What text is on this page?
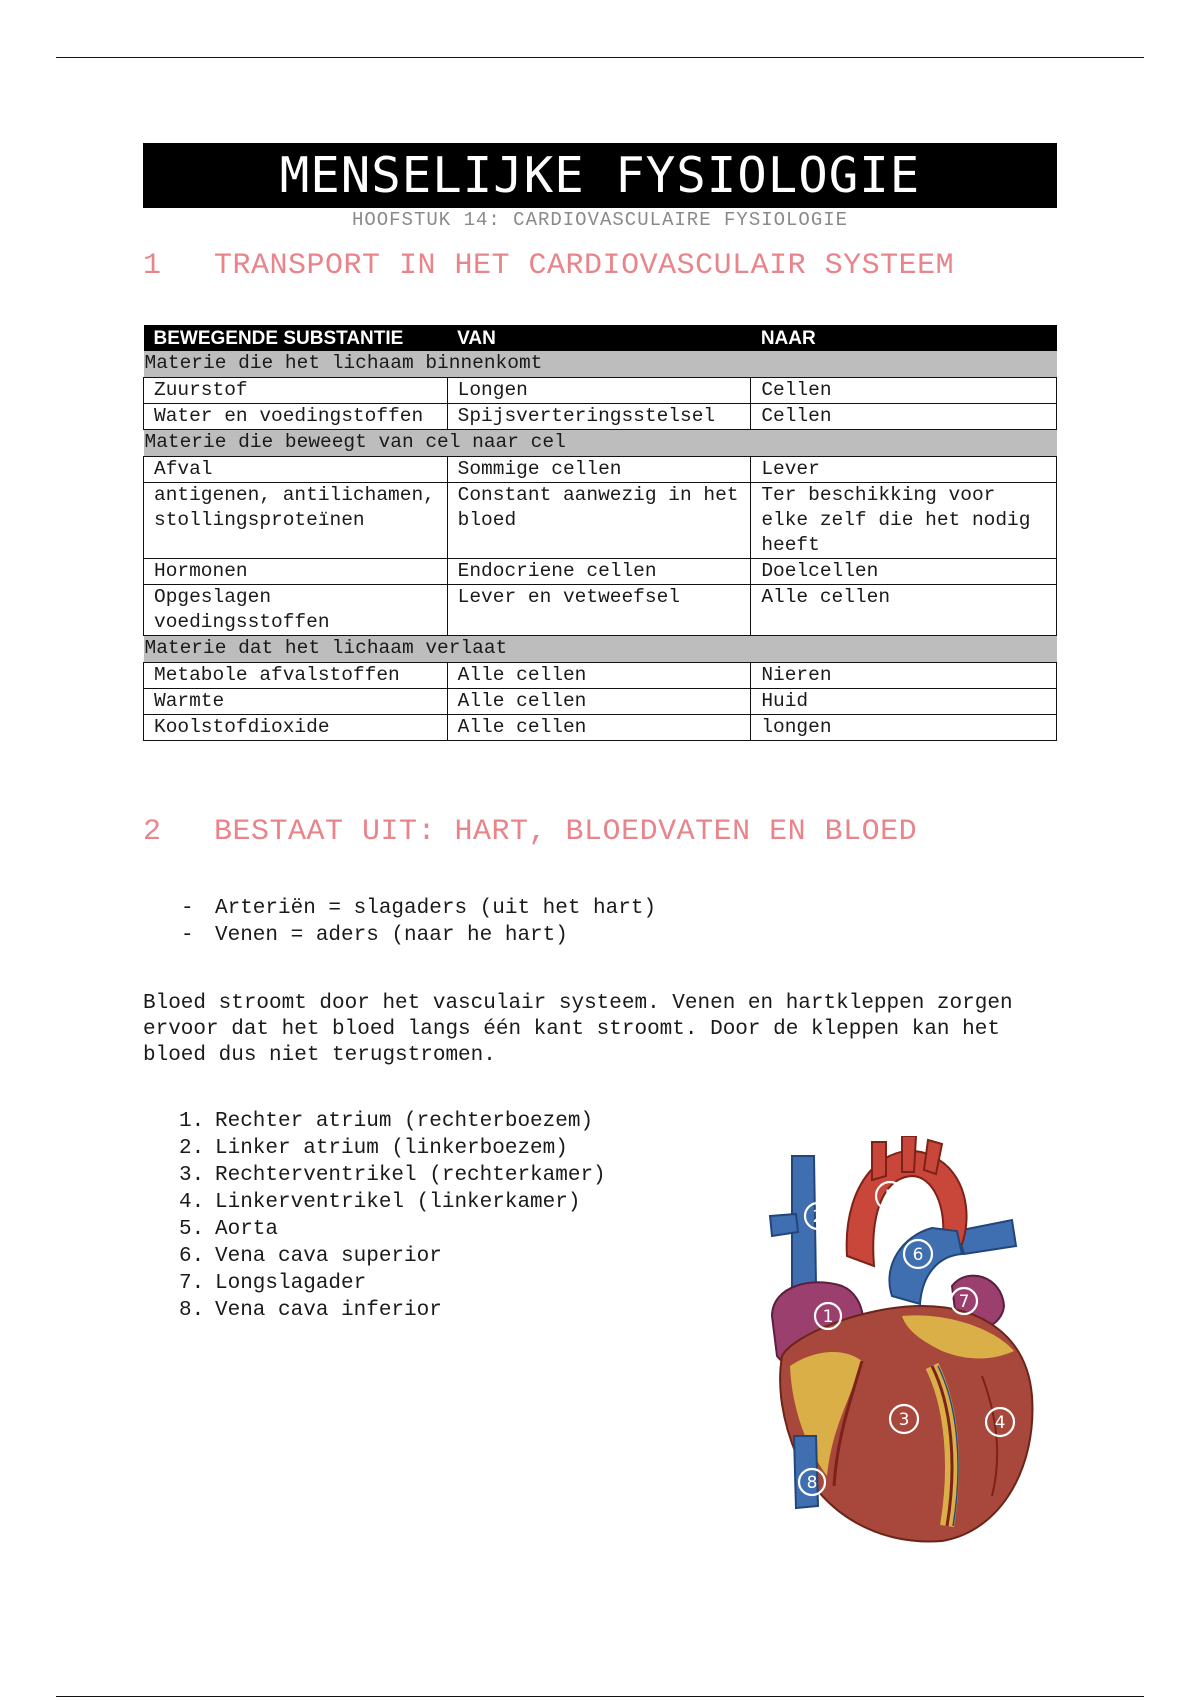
MENSELIJKE FYSIOLOGIE
HOOFSTUK 14: CARDIOVASCULAIRE FYSIOLOGIE
1	TRANSPORT IN HET CARDIOVASCULAIR SYSTEEM
BEWEGENDE SUBSTANTIE	VAN	NAAR
Materie die het lichaam binnenkomt		
Zuurstof	Longen	Cellen
Water en voedingstoffen	Spijsverteringsstelsel	Cellen
Materie die beweegt van cel naar cel		
Afval	Sommige cellen	Lever
antigenen, antilichamen, stollingsproteïnen	Constant aanwezig in het bloed	Ter beschikking voor elke zelf die het nodig heeft
Hormonen	Endocriene cellen	Doelcellen
Opgeslagen voedingsstoffen	Lever en vetweefsel	Alle cellen
Materie dat het lichaam verlaat		
Metabole afvalstoffen	Alle cellen	Nieren
Warmte	Alle cellen	Huid
Koolstofdioxide	Alle cellen	longen
2	BESTAAT UIT: HART, BLOEDVATEN EN BLOED
-	Arteriën = slagaders (uit het hart)
-	Venen = aders (naar he hart)

Bloed stroomt door het vasculair systeem. Venen en hartkleppen zorgen ervoor dat het bloed langs één kant stroomt. Door de kleppen kan het bloed dus niet terugstromen.

1. Rechter atrium (rechterboezem)
2. Linker atrium (linkerboezem)
3. Rechterventrikel (rechterkamer)
4. Linkerventrikel (linkerkamer)
5. Aorta
6. Vena cava superior
7. Longslagader
8. Vena cava inferior
5
2
6
1
3	4
8
7
